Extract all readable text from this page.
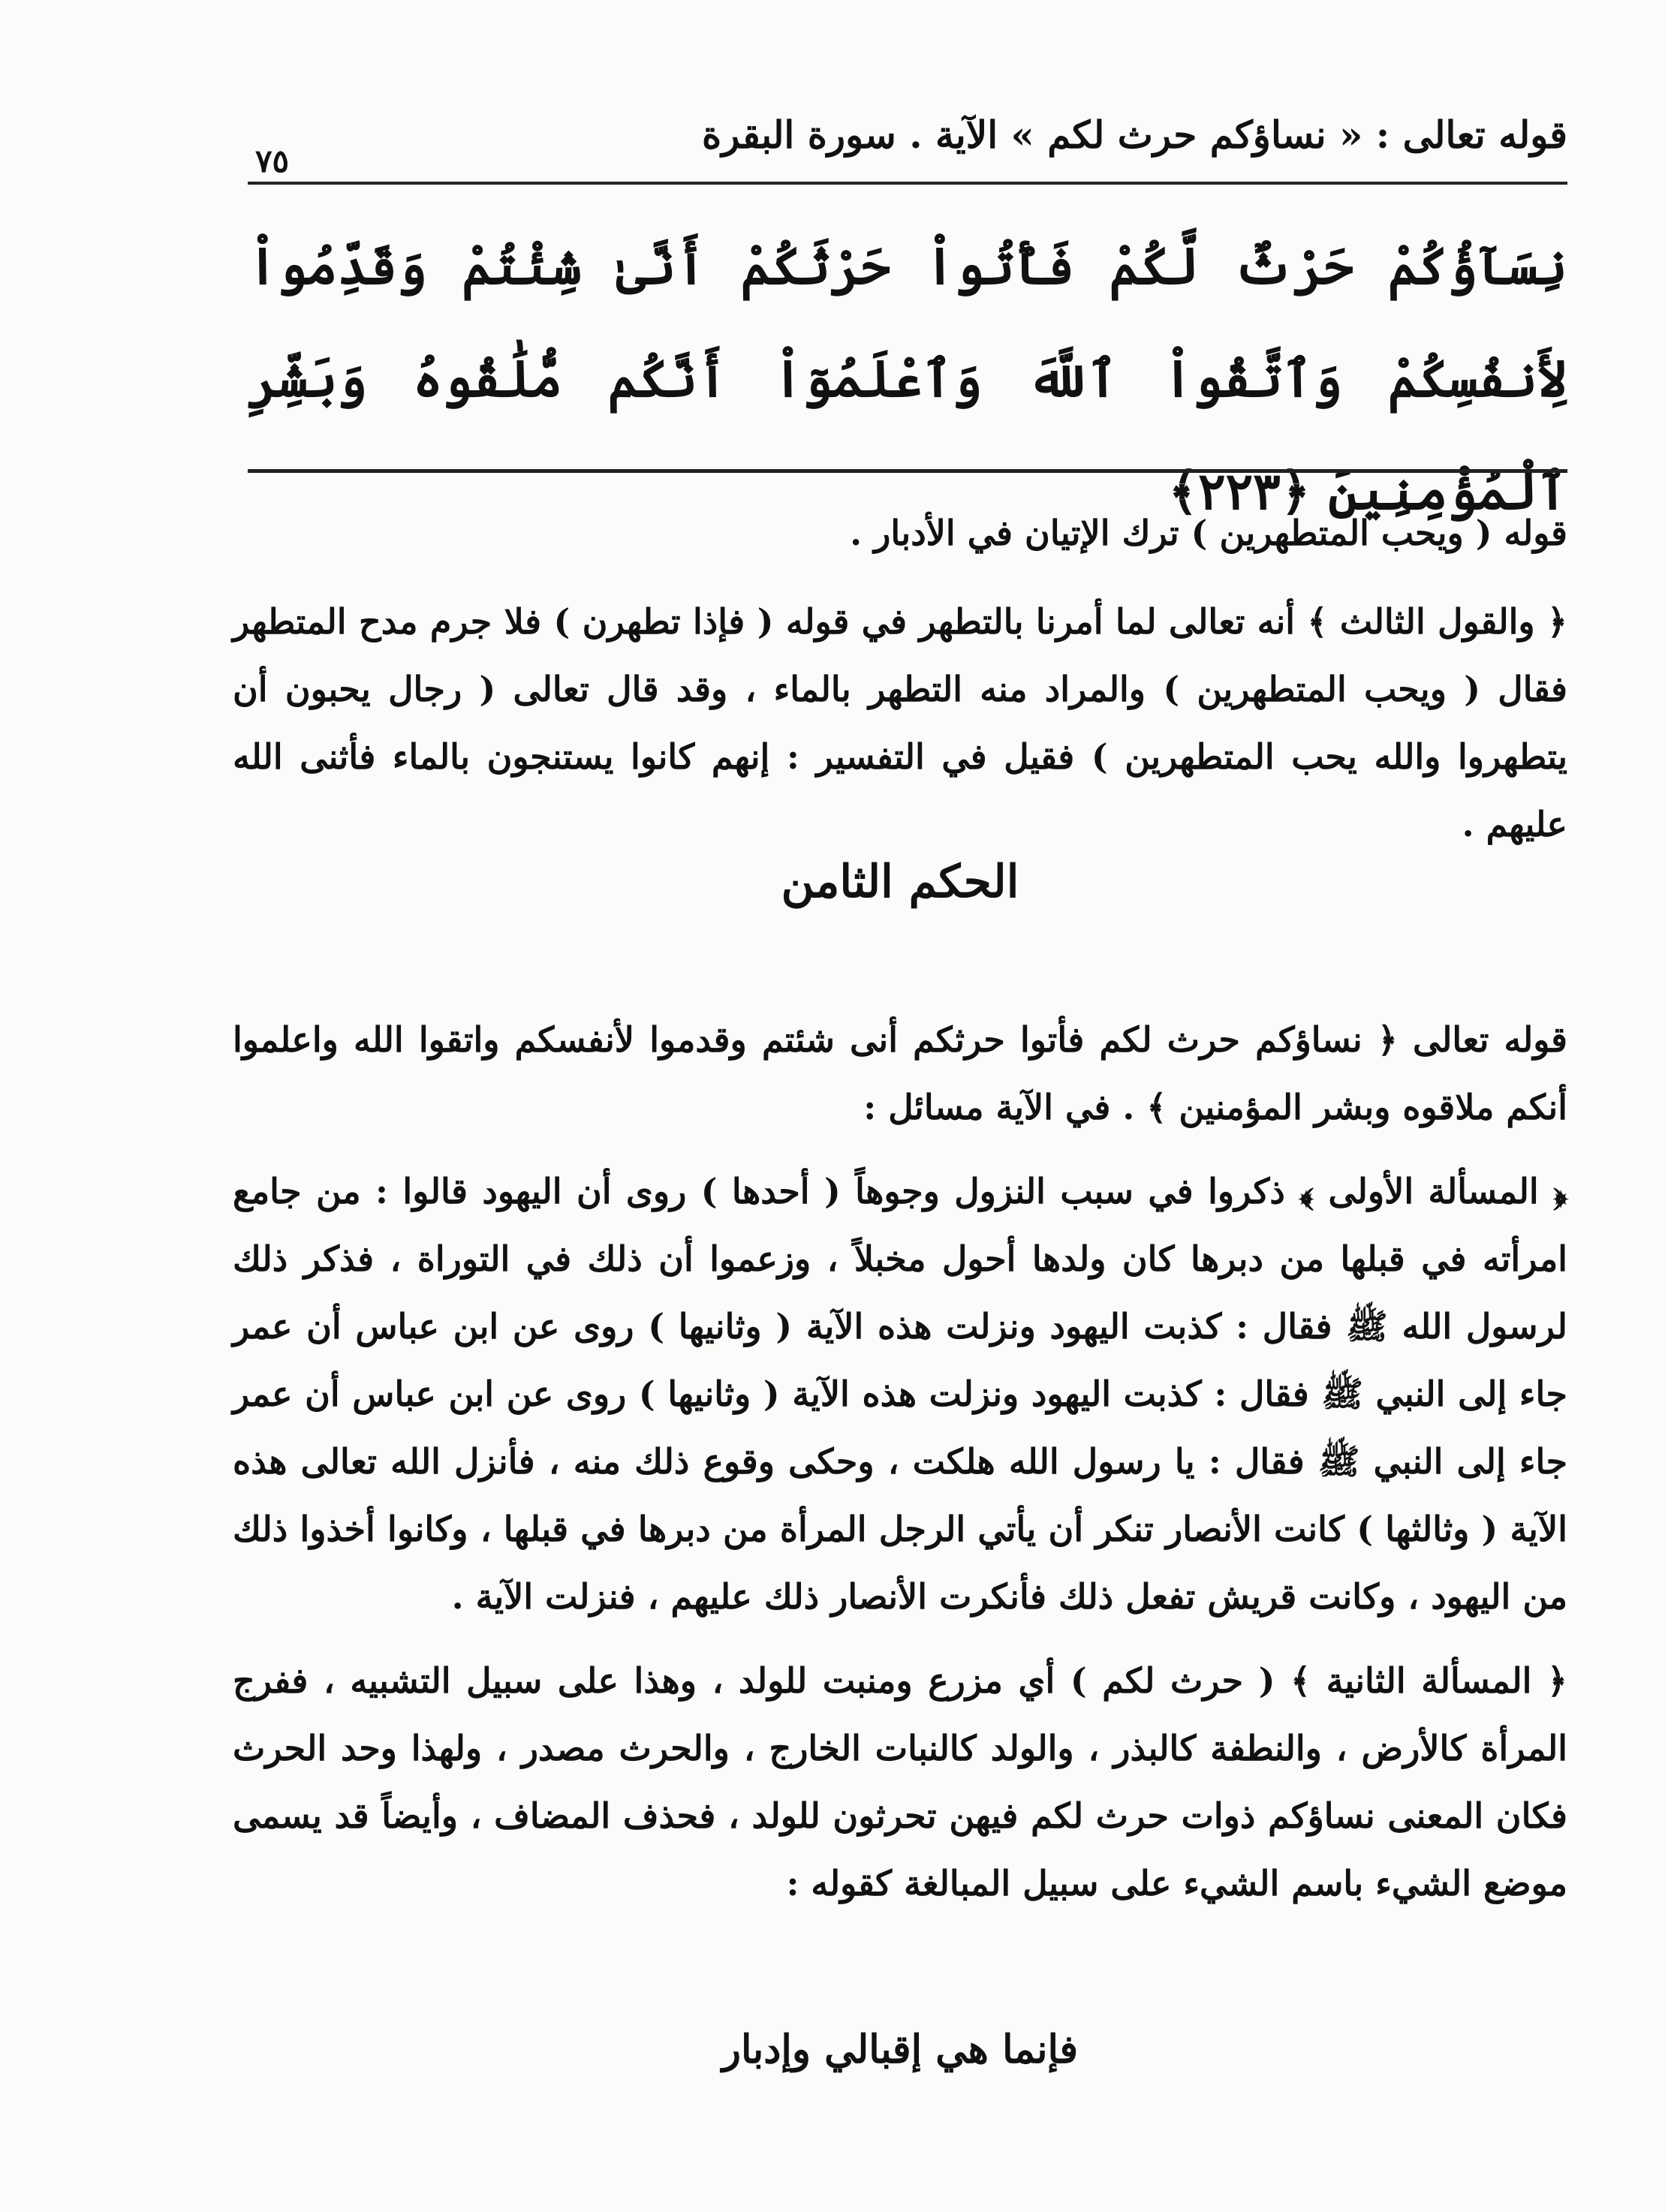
٧٥
قوله تعالى : « نساؤكم حرث لكم » الآية . سورة البقرة
نِسَآؤُكُمْ حَرْثٌ لَّكُمْ فَأْتُواْ حَرْثَكُمْ أَنَّىٰ شِئْتُمْ وَقَدِّمُواْ لِأَنفُسِكُمْ وَٱتَّقُواْ ٱللَّهَ وَٱعْلَمُوٓاْ أَنَّكُم مُّلَٰقُوهُ وَبَشِّرِ ٱلْمُؤْمِنِينَ ﴿٢٢٣﴾

قوله ( ويحب المتطهرين ) ترك الإتيان في الأدبار .

﴿ والقول الثالث ﴾ أنه تعالى لما أمرنا بالتطهر في قوله ( فإذا تطهرن ) فلا جرم مدح المتطهر فقال ( ويحب المتطهرين ) والمراد منه التطهر بالماء ، وقد قال تعالى ( رجال يحبون أن يتطهروا والله يحب المتطهرين ) فقيل في التفسير : إنهم كانوا يستنجون بالماء فأثنى الله عليهم .

الحكم الثامن

قوله تعالى ﴿ نساؤكم حرث لكم فأتوا حرثكم أنى شئتم وقدموا لأنفسكم واتقوا الله واعلموا أنكم ملاقوه وبشر المؤمنين ﴾ . في الآية مسائل :

﴿ المسألة الأولى ﴾ ذكروا في سبب النزول وجوهاً ( أحدها ) روى أن اليهود قالوا : من جامع امرأته في قبلها من دبرها كان ولدها أحول مخبلاً ، وزعموا أن ذلك في التوراة ، فذكر ذلك لرسول الله ﷺ فقال : كذبت اليهود ونزلت هذه الآية ( وثانيها ) روى عن ابن عباس أن عمر جاء إلى النبي ﷺ فقال : كذبت اليهود ونزلت هذه الآية ( وثانيها ) روى عن ابن عباس أن عمر جاء إلى النبي ﷺ فقال : يا رسول الله هلكت ، وحكى وقوع ذلك منه ، فأنزل الله تعالى هذه الآية ( وثالثها ) كانت الأنصار تنكر أن يأتي الرجل المرأة من دبرها في قبلها ، وكانوا أخذوا ذلك من اليهود ، وكانت قريش تفعل ذلك فأنكرت الأنصار ذلك عليهم ، فنزلت الآية .

﴿ المسألة الثانية ﴾ ( حرث لكم ) أي مزرع ومنبت للولد ، وهذا على سبيل التشبيه ، ففرج المرأة كالأرض ، والنطفة كالبذر ، والولد كالنبات الخارج ، والحرث مصدر ، ولهذا وحد الحرث فكان المعنى نساؤكم ذوات حرث لكم فيهن تحرثون للولد ، فحذف المضاف ، وأيضاً قد يسمى موضع الشيء باسم الشيء على سبيل المبالغة كقوله :

فإنما هي إقبالي وإدبار
